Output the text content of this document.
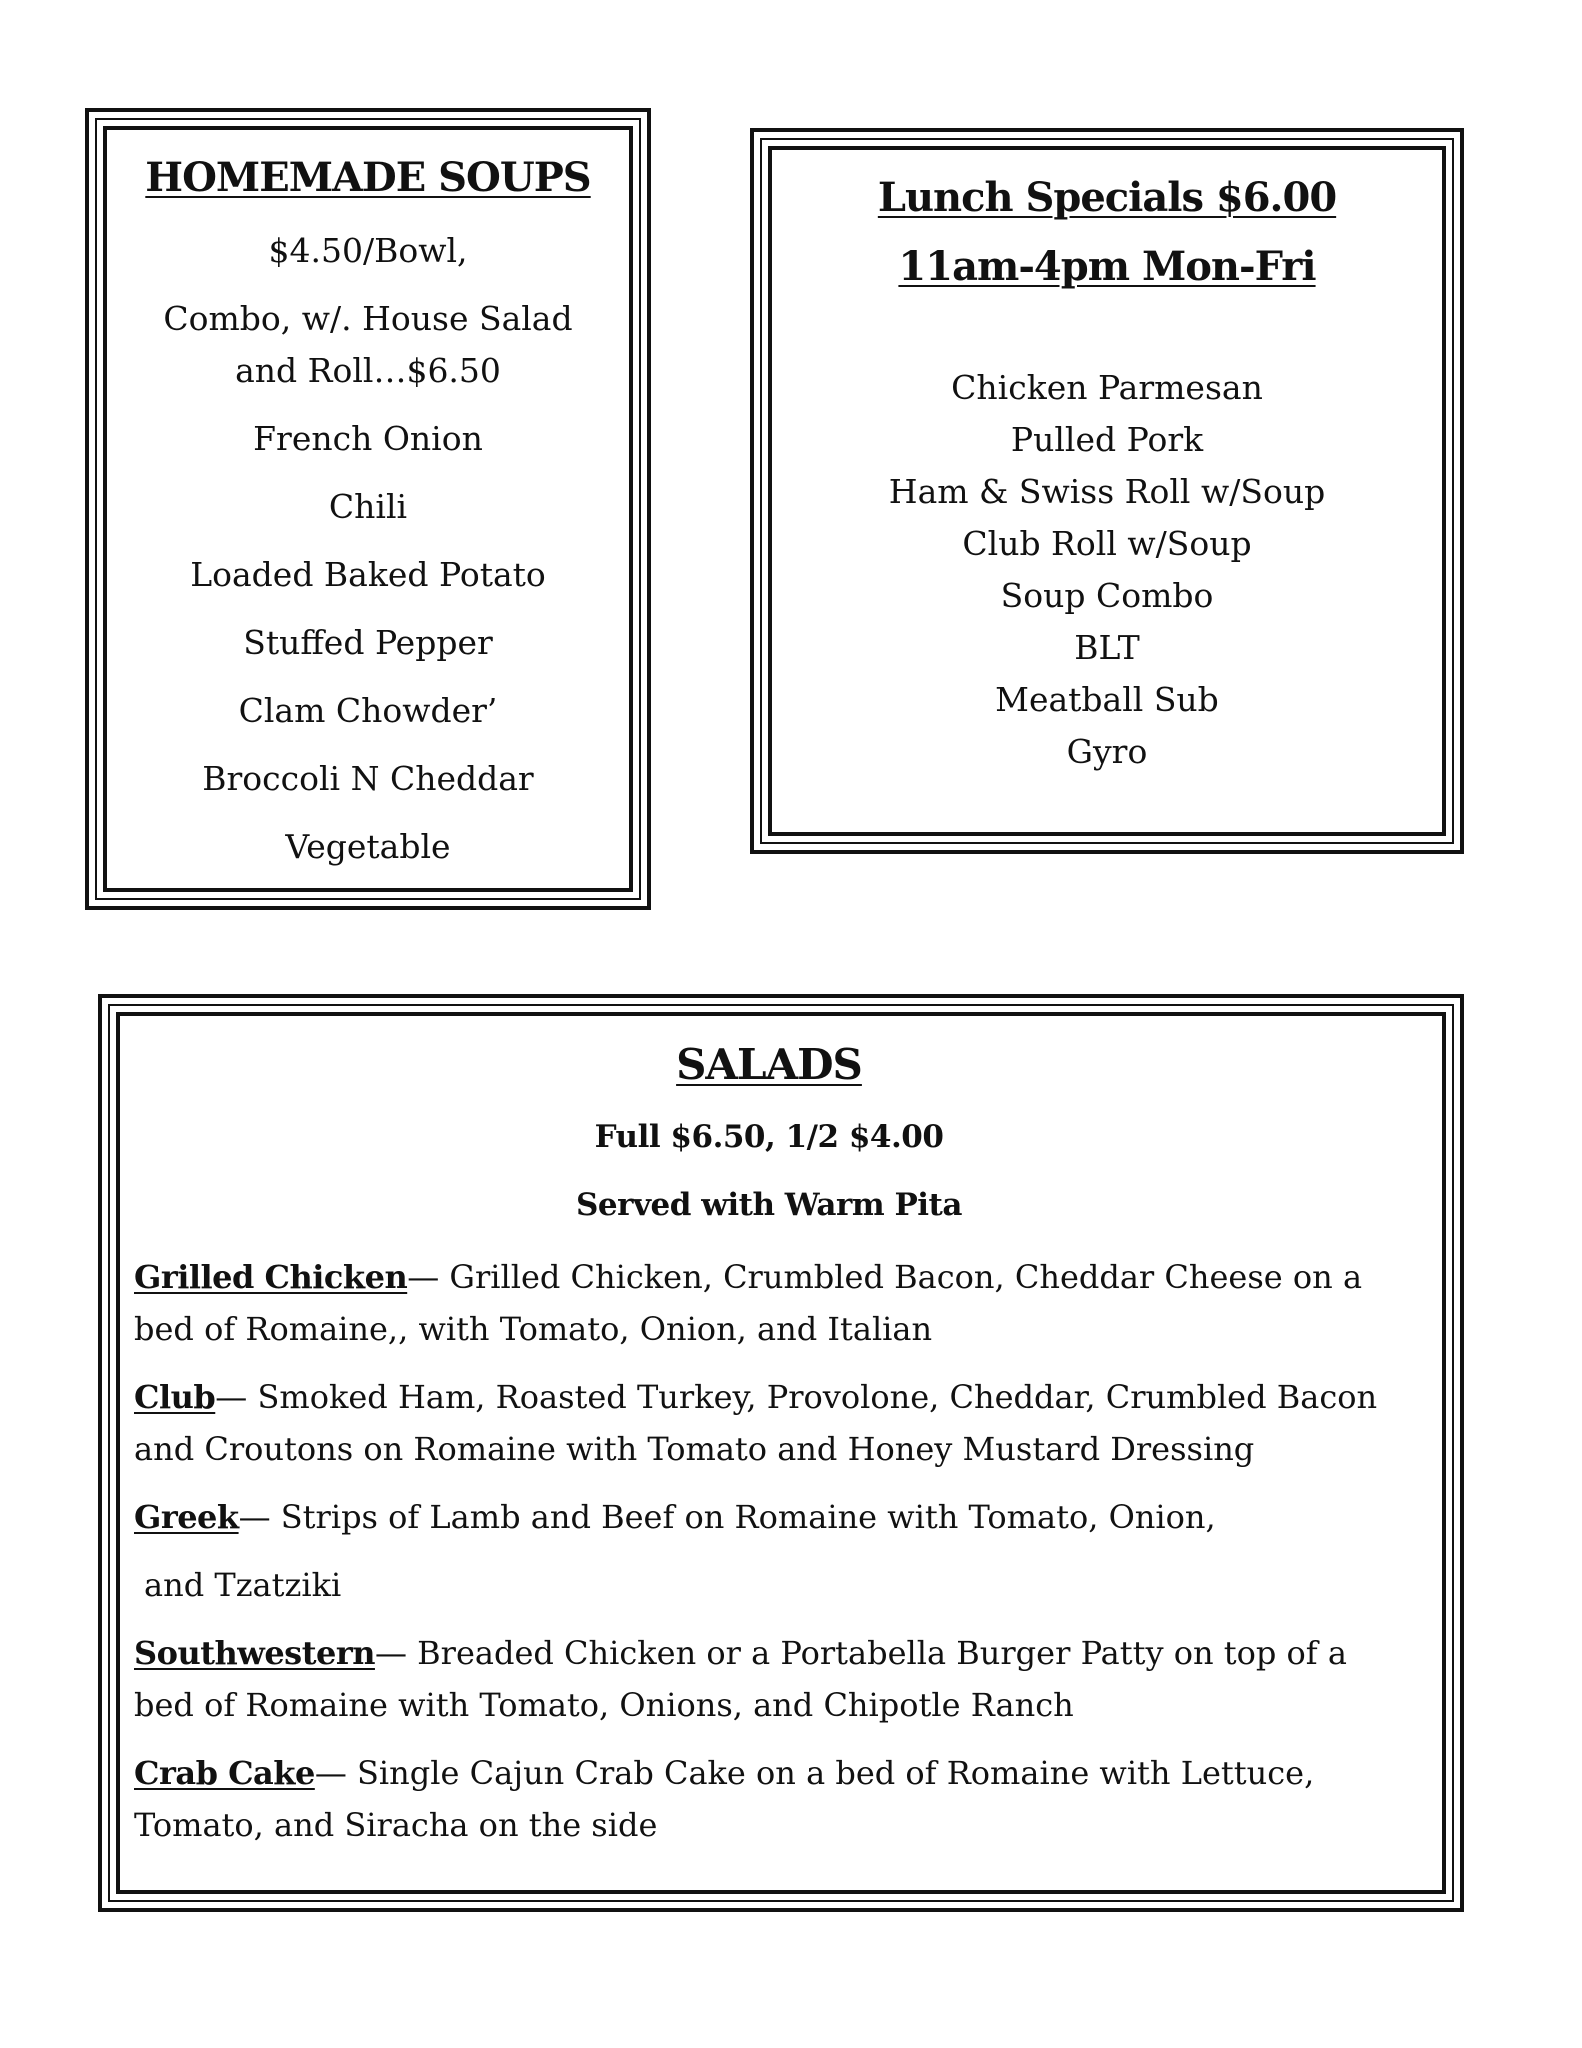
HOMEMADE SOUPS

$4.50/Bowl,

Combo, w/. House Salad and Roll…$6.50

French Onion

Chili

Loaded Baked Potato

Stuffed Pepper

Clam Chowder’

Broccoli N Cheddar

Vegetable

Lunch Specials $6.00
11am-4pm Mon-Fri

Chicken Parmesan

Pulled Pork

Ham & Swiss Roll w/Soup

Club Roll w/Soup

Soup Combo

BLT

Meatball Sub

Gyro

SALADS

Full $6.50, 1/2 $4.00

Served with Warm Pita

Grilled Chicken— Grilled Chicken, Crumbled Bacon, Cheddar Cheese on a bed of Romaine,, with Tomato, Onion, and Italian

Club— Smoked Ham, Roasted Turkey, Provolone, Cheddar, Crumbled Bacon and Croutons on Romaine with Tomato and Honey Mustard Dressing

Greek— Strips of Lamb and Beef on Romaine with Tomato, Onion,
and Tzatziki

Southwestern— Breaded Chicken or a Portabella Burger Patty on top of a bed of Romaine with Tomato, Onions, and Chipotle Ranch

Crab Cake— Single Cajun Crab Cake on a bed of Romaine with Lettuce, Tomato, and Siracha on the side
